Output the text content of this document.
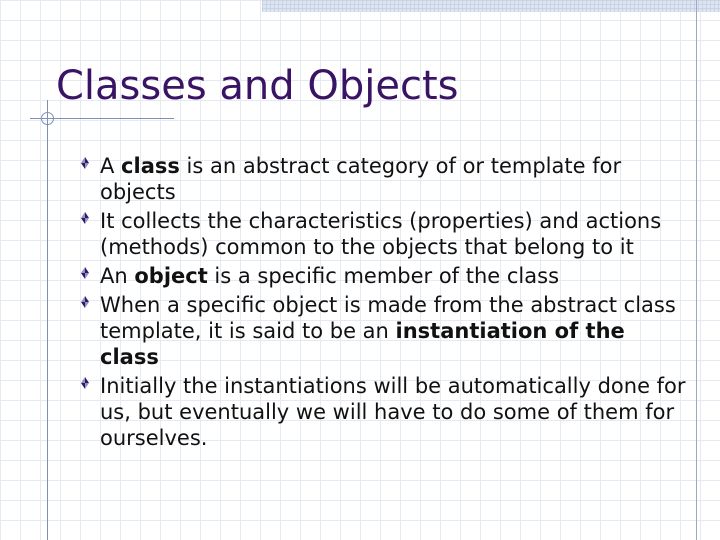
Classes and Objects
A class is an abstract category of or template for objects
It collects the characteristics (properties) and actions (methods) common to the objects that belong to it
An object is a specific member of the class
When a specific object is made from the abstract class template, it is said to be an instantiation of the class
Initially the instantiations will be automatically done for us, but eventually we will have to do some of them for ourselves.
